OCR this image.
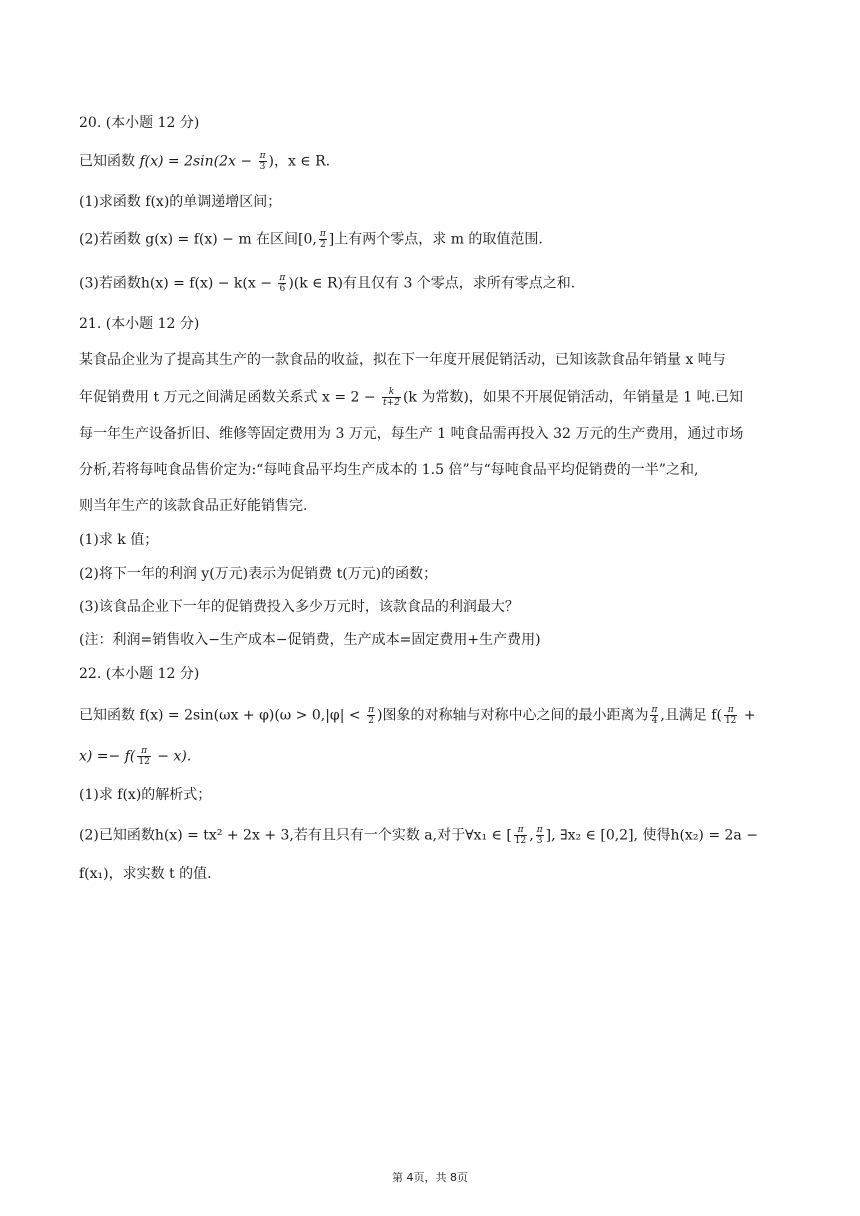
20. (本小题 12 分)
已知函数 $f(x) = 2\sin(2x - \frac{\pi}{3}$ )，x ∈ R.
(1)求函数 f(x)的单调递增区间；
(2)若函数 g(x) = f(x) − m 在区间[0, $\frac{\pi}{2}$ ]上有两个零点，求 m 的取值范围.
(3)若函数$h(x) = f(x) - k(x - \frac{\pi}{6} )(k$ ∈ R)有且仅有 3 个零点，求所有零点之和.
21. (本小题 12 分)
某食品企业为了提高其生产的一款食品的收益，拟在下一年度开展促销活动，已知该款食品年销量 x 吨与
年促销费用 t 万元之间满足函数关系式 $x = 2 - \frac{k}{t+2} (k$ 为常数)，如果不开展促销活动，年销量是 1 吨.已知
每一年生产设备折旧、维修等固定费用为 3 万元，每生产 1 吨食品需再投入 32 万元的生产费用，通过市场
分析,若将每吨食品售价定为:“每吨食品平均生产成本的 1.5 倍”与“每吨食品平均促销费的一半”之和,
则当年生产的该款食品正好能销售完.
(1)求 k 值；
(2)将下一年的利润 y(万元)表示为促销费 t(万元)的函数；
(3)该食品企业下一年的促销费投入多少万元时，该款食品的利润最大？
(注：利润=销售收入−生产成本−促销费，生产成本=固定费用+生产费用)
22. (本小题 12 分)
已知函数 $f(x) = 2\sin(\omega x + \varphi)(\omega > 0,|\varphi| < \frac{\pi}{2}$ )图象的对称轴与对称中心之间的最小距离为 $\frac{\pi}{4}$ ,且满足 $f( \frac{\pi}{12}$ +
$x) =- f( \frac{\pi}{12} - x)$.
(1)求 f(x)的解析式；
(2)已知函数h(x) = tx² + 2x + 3,若有且只有一个实数 a,对于∀x₁ ∈ [ $\frac{\pi}{12}$ , $\frac{\pi}{3}$ ], ∃x₂ ∈ [0,2], 使得h(x₂) = 2a −
f(x₁)，求实数 t 的值.
第 4页，共 8页
